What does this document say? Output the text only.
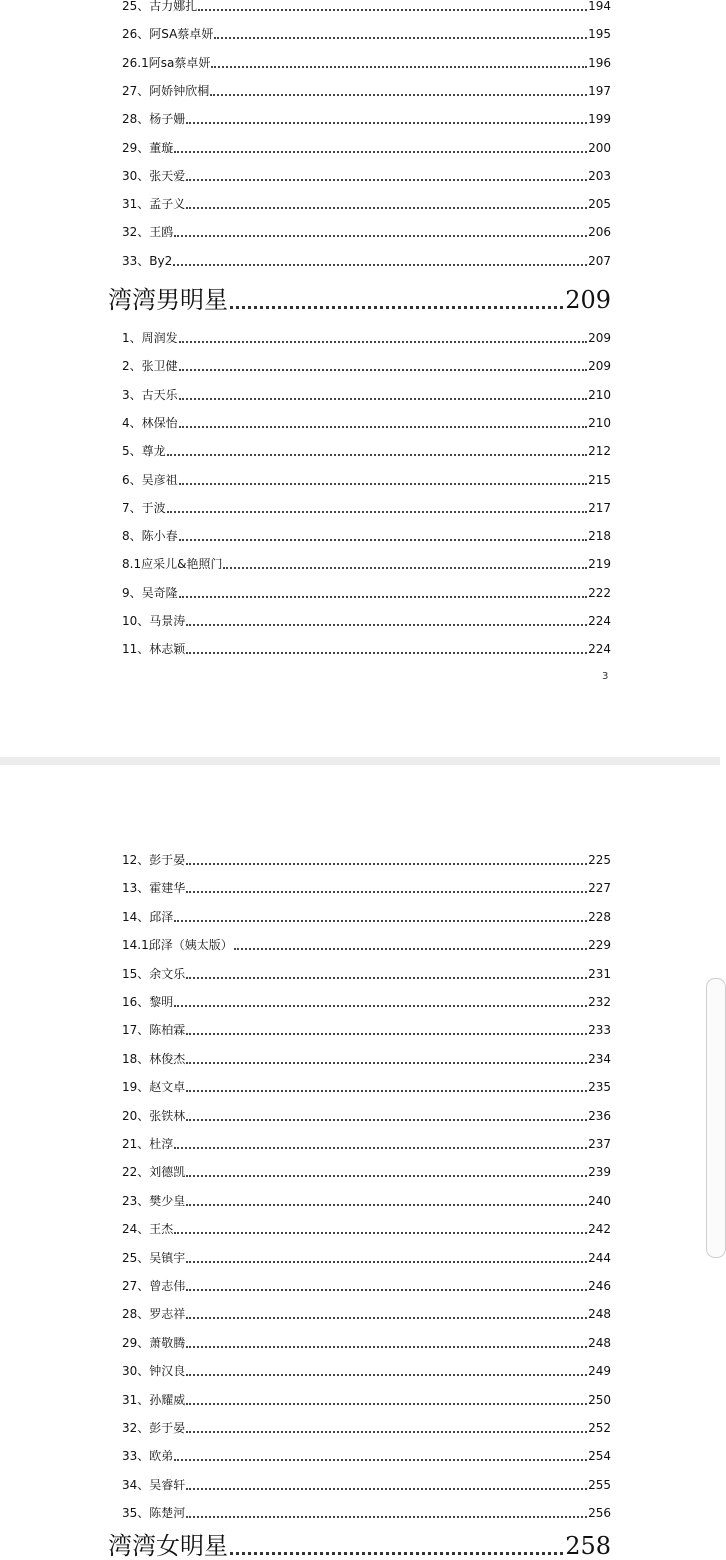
25、古力娜扎	194
26、阿SA蔡卓妍	195
26.1阿sa蔡卓妍	196
27、阿娇钟欣桐	197
28、杨子姗	199
29、董璇	200
30、张天爱	203
31、孟子义	205
32、王鸥	206
33、By2	207
湾湾男明星	209
1、周润发	209
2、张卫健	209
3、古天乐	210
4、林保怡	210
5、尊龙	212
6、吴彦祖	215
7、于波	217
8、陈小春	218
8.1应采儿&艳照门	219
9、吴奇隆	222
10、马景涛	224
11、林志颖	224
3
12、彭于晏	225
13、霍建华	227
14、邱泽	228
14.1邱泽（姨太版）	229
15、余文乐	231
16、黎明	232
17、陈柏霖	233
18、林俊杰	234
19、赵文卓	235
20、张铁林	236
21、杜淳	237
22、刘德凯	239
23、樊少皇	240
24、王杰	242
25、吴镇宇	244
27、曾志伟	246
28、罗志祥	248
29、萧敬腾	248
30、钟汉良	249
31、孙耀威	250
32、彭于晏	252
33、欧弟	254
34、吴睿轩	255
35、陈楚河	256
湾湾女明星	258
